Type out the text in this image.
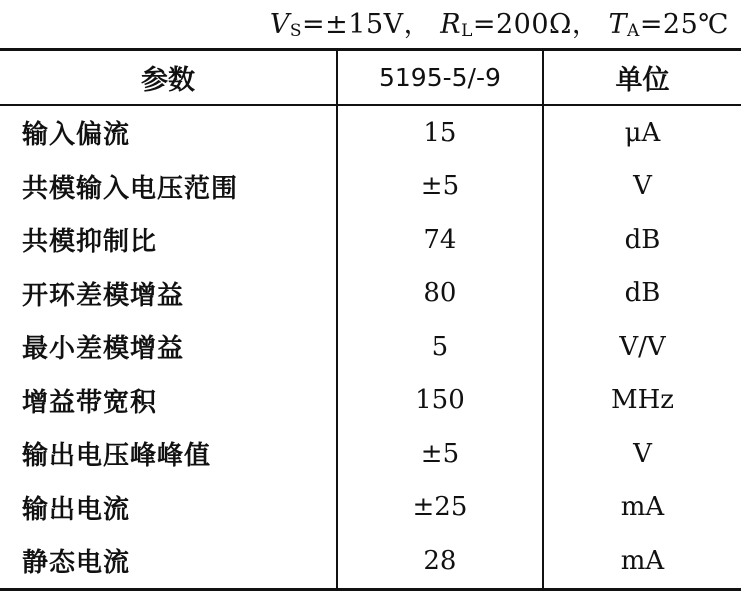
$V_S=\pm 15V$， $R_L=200\Omega$， $T_A=25℃$
参数	5195-5/-9	单位
输入偏流	15	μA
共模输入电压范围	±5	V
共模抑制比	74	dB
开环差模增益	80	dB
最小差模增益	5	V/V
增益带宽积	150	MHz
输出电压峰峰值	±5	V
输出电流	±25	mA
静态电流	28	mA
